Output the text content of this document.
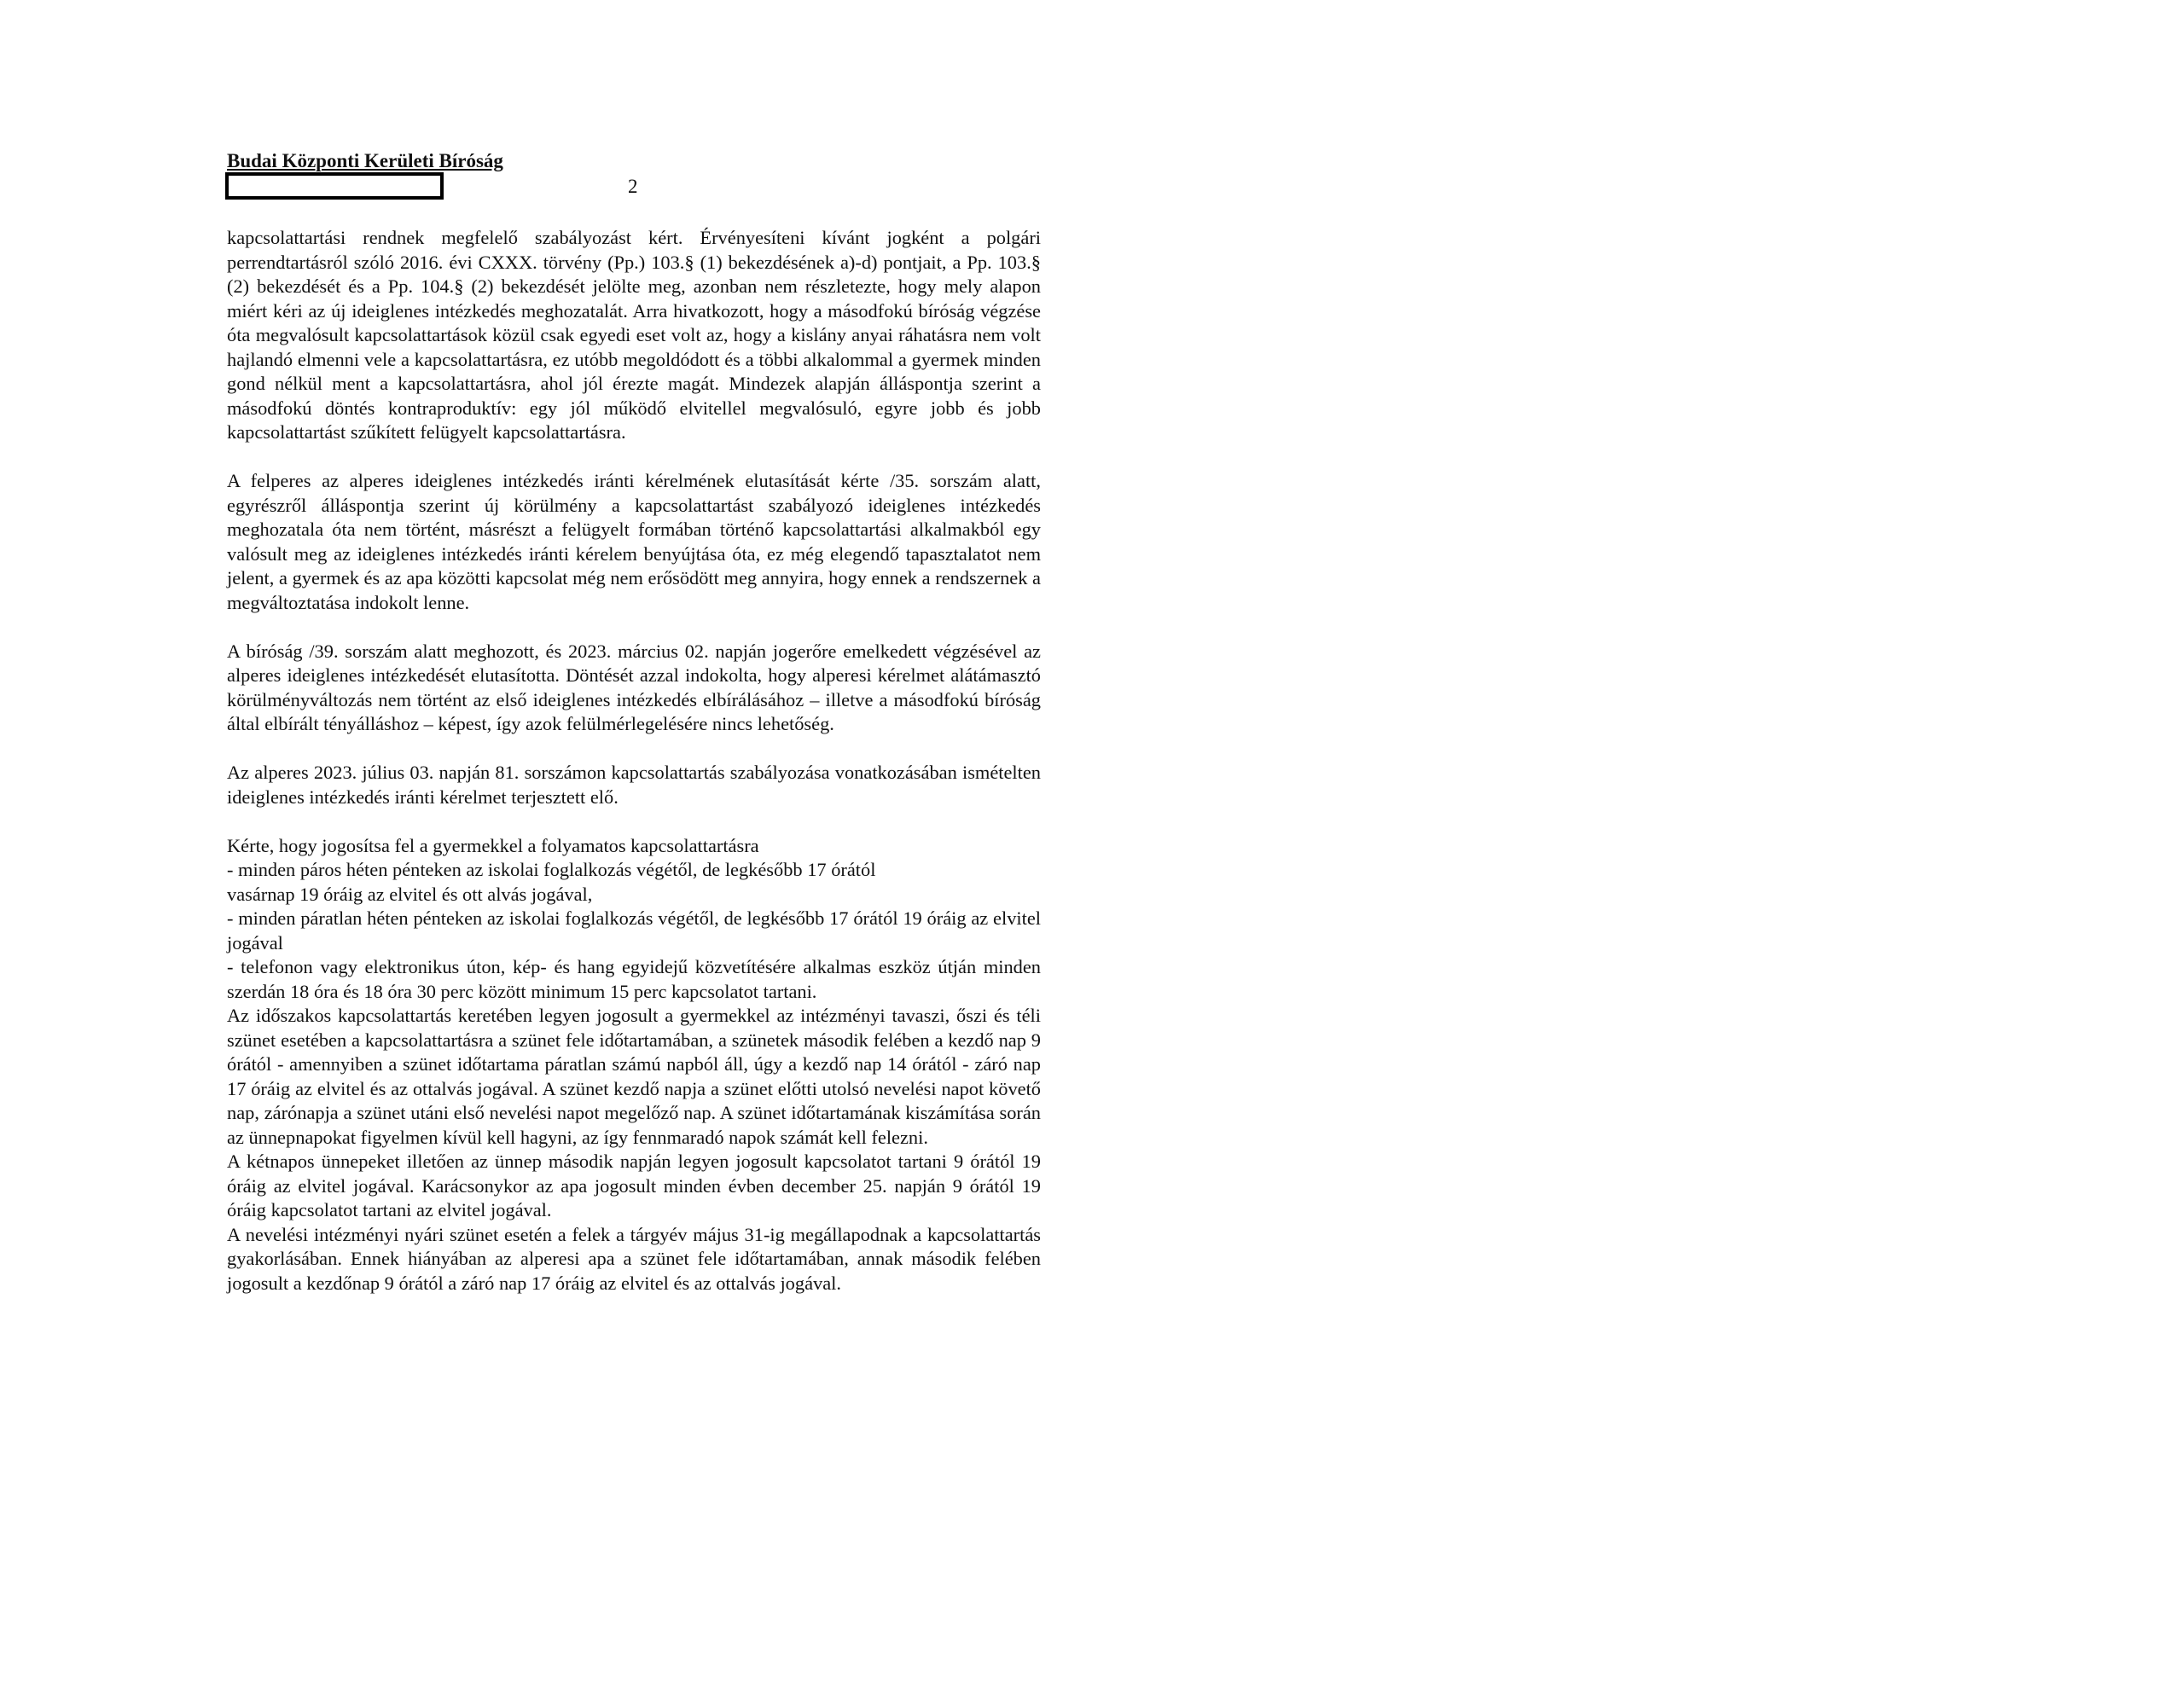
Budai Központi Kerületi Bíróság
2

kapcsolattartási rendnek megfelelő szabályozást kért. Érvényesíteni kívánt jogként a polgári perrendtartásról szóló 2016. évi CXXX. törvény (Pp.) 103.§ (1) bekezdésének a)-d) pontjait, a Pp. 103.§ (2) bekezdését és a Pp. 104.§ (2) bekezdését jelölte meg, azonban nem részletezte, hogy mely alapon miért kéri az új ideiglenes intézkedés meghozatalát. Arra hivatkozott, hogy a másodfokú bíróság végzése óta megvalósult kapcsolattartások közül csak egyedi eset volt az, hogy a kislány anyai ráhatásra nem volt hajlandó elmenni vele a kapcsolattartásra, ez utóbb megoldódott és a többi alkalommal a gyermek minden gond nélkül ment a kapcsolattartásra, ahol jól érezte magát. Mindezek alapján álláspontja szerint a másodfokú döntés kontraproduktív: egy jól működő elvitellel megvalósuló, egyre jobb és jobb kapcsolattartást szűkített felügyelt kapcsolattartásra.

A felperes az alperes ideiglenes intézkedés iránti kérelmének elutasítását kérte /35. sorszám alatt, egyrészről álláspontja szerint új körülmény a kapcsolattartást szabályozó ideiglenes intézkedés meghozatala óta nem történt, másrészt a felügyelt formában történő kapcsolattartási alkalmakból egy valósult meg az ideiglenes intézkedés iránti kérelem benyújtása óta, ez még elegendő tapasztalatot nem jelent, a gyermek és az apa közötti kapcsolat még nem erősödött meg annyira, hogy ennek a rendszernek a megváltoztatása indokolt lenne.

A bíróság /39. sorszám alatt meghozott, és 2023. március 02. napján jogerőre emelkedett végzésével az alperes ideiglenes intézkedését elutasította. Döntését azzal indokolta, hogy alperesi kérelmet alátámasztó körülményváltozás nem történt az első ideiglenes intézkedés elbírálásához – illetve a másodfokú bíróság által elbírált tényálláshoz – képest, így azok felülmérlegelésére nincs lehetőség.

Az alperes 2023. július 03. napján 81. sorszámon kapcsolattartás szabályozása vonatkozásában ismételten ideiglenes intézkedés iránti kérelmet terjesztett elő.

Kérte, hogy jogosítsa fel a gyermekkel a folyamatos kapcsolattartásra
- minden páros héten pénteken az iskolai foglalkozás végétől, de legkésőbb 17 órától
vasárnap 19 óráig az elvitel és ott alvás jogával,
- minden páratlan héten pénteken az iskolai foglalkozás végétől, de legkésőbb 17 órától 19 óráig az elvitel jogával
- telefonon vagy elektronikus úton, kép- és hang egyidejű közvetítésére alkalmas eszköz útján minden szerdán 18 óra és 18 óra 30 perc között minimum 15 perc kapcsolatot tartani.
Az időszakos kapcsolattartás keretében legyen jogosult a gyermekkel az intézményi tavaszi, őszi és téli szünet esetében a kapcsolattartásra a szünet fele időtartamában, a szünetek második felében a kezdő nap 9 órától - amennyiben a szünet időtartama páratlan számú napból áll, úgy a kezdő nap 14 órától - záró nap 17 óráig az elvitel és az ottalvás jogával. A szünet kezdő napja a szünet előtti utolsó nevelési napot követő nap, zárónapja a szünet utáni első nevelési napot megelőző nap. A szünet időtartamának kiszámítása során az ünnepnapokat figyelmen kívül kell hagyni, az így fennmaradó napok számát kell felezni.
A kétnapos ünnepeket illetően az ünnep második napján legyen jogosult kapcsolatot tartani 9 órától 19 óráig az elvitel jogával. Karácsonykor az apa jogosult minden évben december 25. napján 9 órától 19 óráig kapcsolatot tartani az elvitel jogával.
A nevelési intézményi nyári szünet esetén a felek a tárgyév május 31-ig megállapodnak a kapcsolattartás gyakorlásában. Ennek hiányában az alperesi apa a szünet fele időtartamában, annak második felében jogosult a kezdőnap 9 órától a záró nap 17 óráig az elvitel és az ottalvás jogával.
